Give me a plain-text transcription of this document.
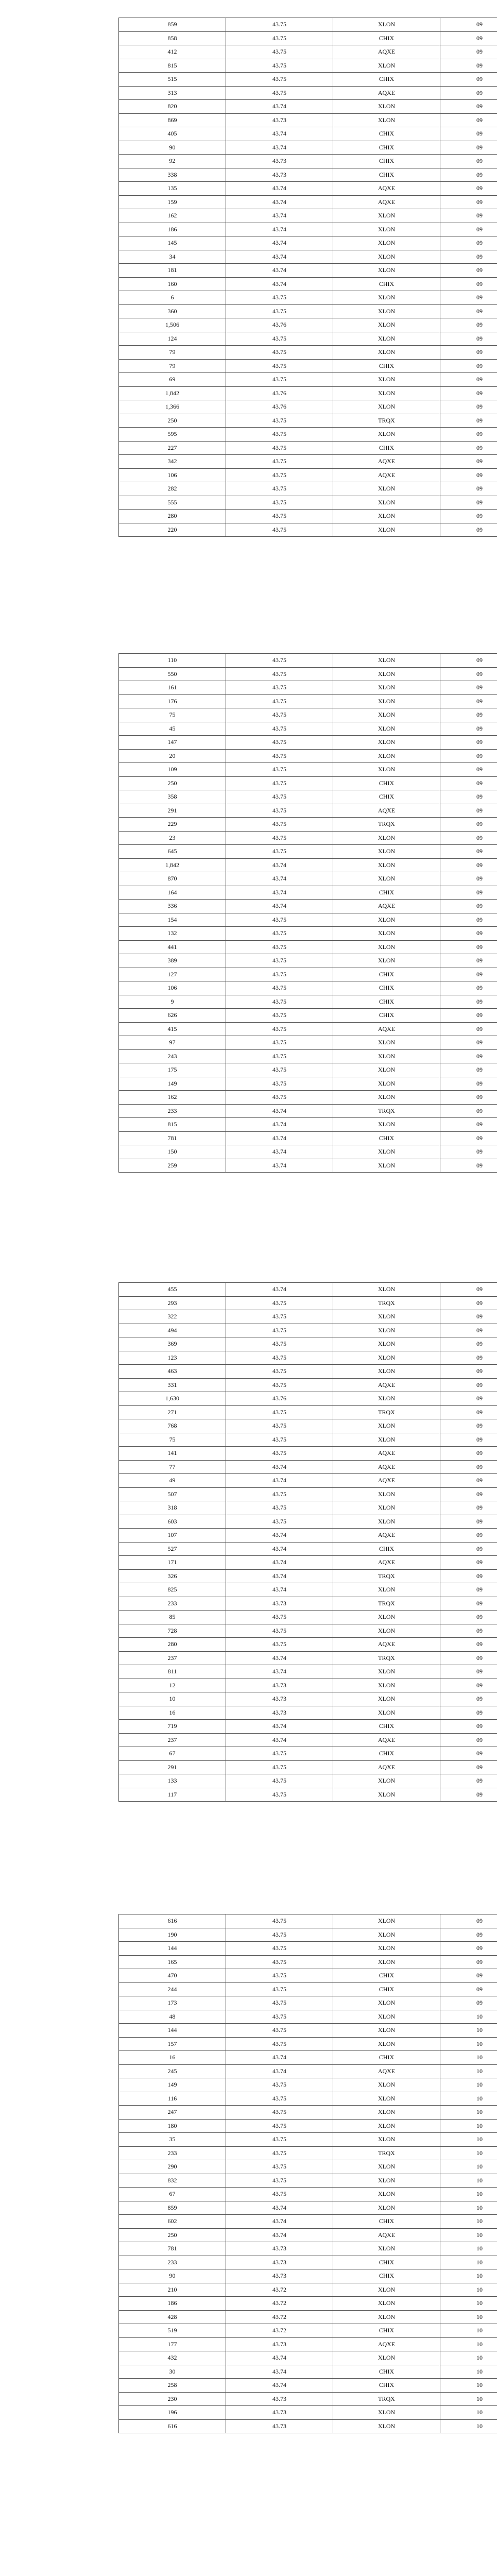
859	43.75	XLON	09
858	43.75	CHIX	09
412	43.75	AQXE	09
815	43.75	XLON	09
515	43.75	CHIX	09
313	43.75	AQXE	09
820	43.74	XLON	09
869	43.73	XLON	09
405	43.74	CHIX	09
90	43.74	CHIX	09
92	43.73	CHIX	09
338	43.73	CHIX	09
135	43.74	AQXE	09
159	43.74	AQXE	09
162	43.74	XLON	09
186	43.74	XLON	09
145	43.74	XLON	09
34	43.74	XLON	09
181	43.74	XLON	09
160	43.74	CHIX	09
6	43.75	XLON	09
360	43.75	XLON	09
1,506	43.76	XLON	09
124	43.75	XLON	09
79	43.75	XLON	09
79	43.75	CHIX	09
69	43.75	XLON	09
1,842	43.76	XLON	09
1,366	43.76	XLON	09
250	43.75	TRQX	09
595	43.75	XLON	09
227	43.75	CHIX	09
342	43.75	AQXE	09
106	43.75	AQXE	09
282	43.75	XLON	09
555	43.75	XLON	09
280	43.75	XLON	09
220	43.75	XLON	09
110	43.75	XLON	09
550	43.75	XLON	09
161	43.75	XLON	09
176	43.75	XLON	09
75	43.75	XLON	09
45	43.75	XLON	09
147	43.75	XLON	09
20	43.75	XLON	09
109	43.75	XLON	09
250	43.75	CHIX	09
358	43.75	CHIX	09
291	43.75	AQXE	09
229	43.75	TRQX	09
23	43.75	XLON	09
645	43.75	XLON	09
1,842	43.74	XLON	09
870	43.74	XLON	09
164	43.74	CHIX	09
336	43.74	AQXE	09
154	43.75	XLON	09
132	43.75	XLON	09
441	43.75	XLON	09
389	43.75	XLON	09
127	43.75	CHIX	09
106	43.75	CHIX	09
9	43.75	CHIX	09
626	43.75	CHIX	09
415	43.75	AQXE	09
97	43.75	XLON	09
243	43.75	XLON	09
175	43.75	XLON	09
149	43.75	XLON	09
162	43.75	XLON	09
233	43.74	TRQX	09
815	43.74	XLON	09
781	43.74	CHIX	09
150	43.74	XLON	09
259	43.74	XLON	09
455	43.74	XLON	09
293	43.75	TRQX	09
322	43.75	XLON	09
494	43.75	XLON	09
369	43.75	XLON	09
123	43.75	XLON	09
463	43.75	XLON	09
331	43.75	AQXE	09
1,630	43.76	XLON	09
271	43.75	TRQX	09
768	43.75	XLON	09
75	43.75	XLON	09
141	43.75	AQXE	09
77	43.74	AQXE	09
49	43.74	AQXE	09
507	43.75	XLON	09
318	43.75	XLON	09
603	43.75	XLON	09
107	43.74	AQXE	09
527	43.74	CHIX	09
171	43.74	AQXE	09
326	43.74	TRQX	09
825	43.74	XLON	09
233	43.73	TRQX	09
85	43.75	XLON	09
728	43.75	XLON	09
280	43.75	AQXE	09
237	43.74	TRQX	09
811	43.74	XLON	09
12	43.73	XLON	09
10	43.73	XLON	09
16	43.73	XLON	09
719	43.74	CHIX	09
237	43.74	AQXE	09
67	43.75	CHIX	09
291	43.75	AQXE	09
133	43.75	XLON	09
117	43.75	XLON	09
616	43.75	XLON	09
190	43.75	XLON	09
144	43.75	XLON	09
165	43.75	XLON	09
470	43.75	CHIX	09
244	43.75	CHIX	09
173	43.75	XLON	09
48	43.75	XLON	10
144	43.75	XLON	10
157	43.75	XLON	10
16	43.74	CHIX	10
245	43.74	AQXE	10
149	43.75	XLON	10
116	43.75	XLON	10
247	43.75	XLON	10
180	43.75	XLON	10
35	43.75	XLON	10
233	43.75	TRQX	10
290	43.75	XLON	10
832	43.75	XLON	10
67	43.75	XLON	10
859	43.74	XLON	10
602	43.74	CHIX	10
250	43.74	AQXE	10
781	43.73	XLON	10
233	43.73	CHIX	10
90	43.73	CHIX	10
210	43.72	XLON	10
186	43.72	XLON	10
428	43.72	XLON	10
519	43.72	CHIX	10
177	43.73	AQXE	10
432	43.74	XLON	10
30	43.74	CHIX	10
258	43.74	CHIX	10
230	43.73	TRQX	10
196	43.73	XLON	10
616	43.73	XLON	10
